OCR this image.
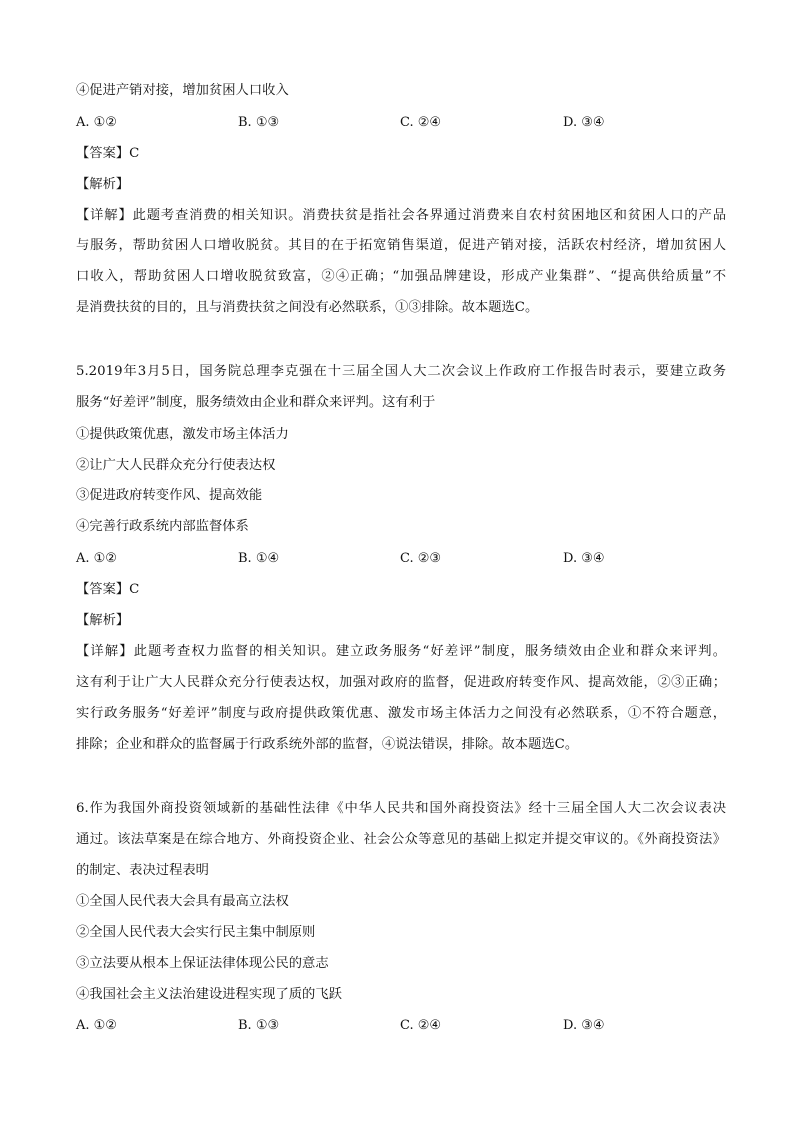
④促进产销对接，增加贫困人口收入
A. ①②	B. ①③	C. ②④	D. ③④
【答案】C
【解析】
【详解】此题考查消费的相关知识。消费扶贫是指社会各界通过消费来自农村贫困地区和贫困人口的产品
与服务，帮助贫困人口增收脱贫。其目的在于拓宽销售渠道，促进产销对接，活跃农村经济，增加贫困人
口收入，帮助贫困人口增收脱贫致富，②④正确；“加强品牌建设，形成产业集群”、“提高供给质量”不
是消费扶贫的目的，且与消费扶贫之间没有必然联系，①③排除。故本题选C。
5.2019年3月5日，国务院总理李克强在十三届全国人大二次会议上作政府工作报告时表示，要建立政务
服务“好差评”制度，服务绩效由企业和群众来评判。这有利于
①提供政策优惠，激发市场主体活力
②让广大人民群众充分行使表达权
③促进政府转变作风、提高效能
④完善行政系统内部监督体系
A. ①②	B. ①④	C. ②③	D. ③④
【答案】C
【解析】
【详解】此题考查权力监督的相关知识。建立政务服务“好差评”制度，服务绩效由企业和群众来评判。
这有利于让广大人民群众充分行使表达权，加强对政府的监督，促进政府转变作风、提高效能，②③正确；
实行政务服务“好差评”制度与政府提供政策优惠、激发市场主体活力之间没有必然联系，①不符合题意，
排除；企业和群众的监督属于行政系统外部的监督，④说法错误，排除。故本题选C。
6.作为我国外商投资领域新的基础性法律《中华人民共和国外商投资法》经十三届全国人大二次会议表决
通过。该法草案是在综合地方、外商投资企业、社会公众等意见的基础上拟定并提交审议的。《外商投资法》
的制定、表决过程表明
①全国人民代表大会具有最高立法权
②全国人民代表大会实行民主集中制原则
③立法要从根本上保证法律体现公民的意志
④我国社会主义法治建设进程实现了质的飞跃
A. ①②	B. ①③	C. ②④	D. ③④
